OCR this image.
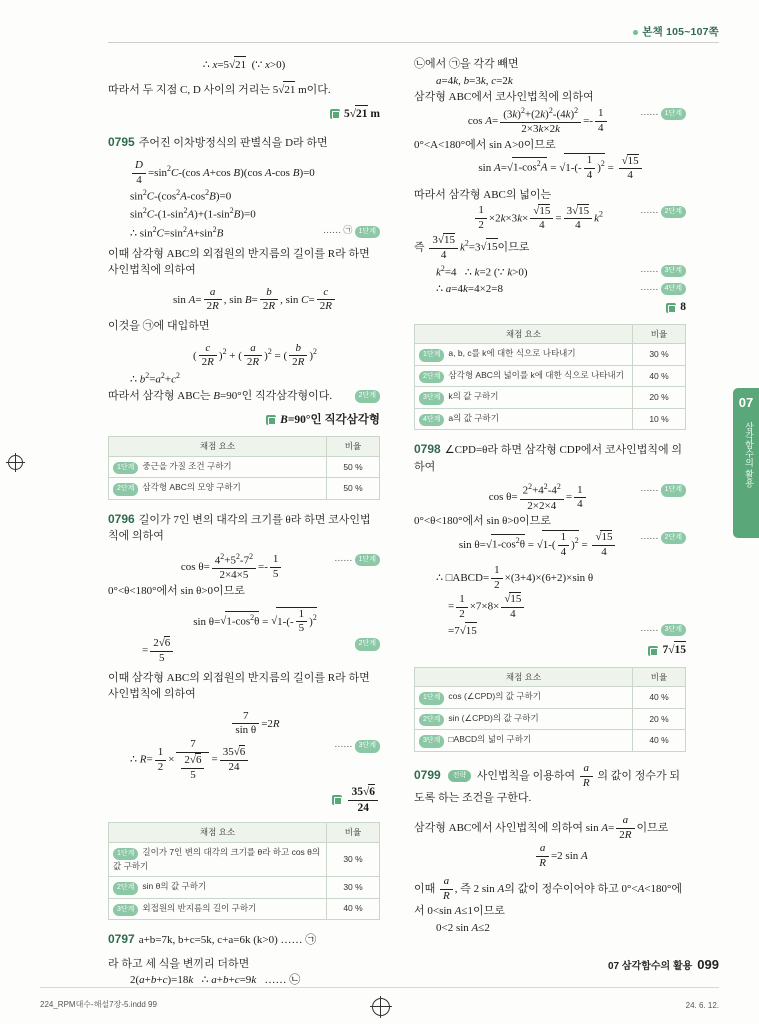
본책 105~107쪽
∴ x=5 √ 21  (∵ x>0)
따라서 두 지점 C, D 사이의 거리는 5 √ 21 m이다.
5 √ 21 m
0795 주어진 이차방정식의 판별식을 D라 하면
$\frac{D}{4} =\sin^2C-(\cos$ A+cos B)(cos A-cos B)=0
$\sin^2C-(\cos^2A-\cos^2B)=0$
$\sin^2C-(1-\sin^2A)+(1-\sin^2B)=0$
∴ $\sin^2C=\sin^2A+\sin^2B$	…… ㉠ 1단계
이때 삼각형 ABC의 외접원의 반지름의 길이를 R라 하면 사인법칙에 의하여
$\sin A= \frac{a}{2R}$ , $\sin B= \frac{b}{2R}$ , $\sin C= \frac{c}{2R}$
이것을 ㉠에 대입하면
( $\frac{c}{2R} )^2$ + ( $\frac{a}{2R} )^2$ = ( $\frac{b}{2R} )^2$
∴ $b^2=a^2+c^2$
따라서 삼각형 ABC는 B=90°인 직각삼각형이다.	2단계
B=90°인 직각삼각형
채점 요소	비율
1단계 중근을 가질 조건 구하기	50 %
2단계 삼각형 ABC의 모양 구하기	50 %
0796 길이가 7인 변의 대각의 크기를 θ라 하면 코사인법칙에 의하여
$\cos \theta= \frac{4^2+5^2-7^2}{2\times 4\times 5} =- \frac{1}{5}$	…… 1단계
0°<θ<180°에서 sin θ>0이므로
sin θ= √ $1-\cos^2\theta$ = √ $1-(- \frac{1}{5} )^2$
= $\frac{2 √ 6}{5}$	2단계
이때 삼각형 ABC의 외접원의 반지름의 길이를 R라 하면 사인법칙에 의하여
$\frac{7}{\text{sin θ}} =2R$
∴ $R= \frac{1}{2} \times \frac{7}{\frac{2 √ 6}{5}} = \frac{35 √ 6}{24}$
…… 3단계
$\frac{35 √ 6}{24}$
채점 요소	비율
1단계 길이가 7인 변의 대각의 크기를 θ라 하고 cos θ의 값 구하기	30 %
2단계 sin θ의 값 구하기	30 %
3단계 외접원의 반지름의 길이 구하기	40 %
0797 a+b=7k, b+c=5k, c+a=6k (k>0) …… ㉠
라 하고 세 식을 변끼리 더하면
2(a+b+c)=18k   ∴ a+b+c=9k   …… ㉡
㉡에서 ㉠을 각각 빼면
a=4k, b=3k, c=2k
삼각형 ABC에서 코사인법칙에 의하여
$\cos A= \frac{(3k)^2+(2k)^2-(4k)^2}{2\times 3k\times 2k} =- \frac{1}{4}$	…… 1단계
0°<A<180°에서 sin A>0이므로
sin A= √ $1-\cos^2A$ = √ $1-(- \frac{1}{4} )^2$ = √ $\frac{15}{4}$
따라서 삼각형 ABC의 넓이는
$\frac{1}{2} \times 2k\times 3k\times$ √ $\frac{15}{4} = \frac{3 √ 15}{4} k^2$	…… 2단계
즉 $\frac{3 √ 15}{4} k^2=3$ √ 15이므로
$k^2=4$   ∴ k=2 (∵ k>0)	…… 3단계
∴ a=4k=4×2=8	…… 4단계
8
채점 요소	비율
1단계 a, b, c를 k에 대한 식으로 나타내기	30 %
2단계 삼각형 ABC의 넓이를 k에 대한 식으로 나타내기	40 %
3단계 k의 값 구하기	20 %
4단계 a의 값 구하기	10 %
0798 ∠CPD=θ라 하면 삼각형 CDP에서 코사인법칙에 의하여
$\cos \theta= \frac{2^2+4^2-4^2}{2\times 2\times 4} = \frac{1}{4}$	…… 1단계
0°<θ<180°에서 sin θ>0이므로
sin θ= √ $1-\cos^2\theta$ = √ $1-( \frac{1}{4} )^2$ = √ $\frac{15}{4}$	…… 2단계
∴ □ABCD= $\frac{1}{2} \times(3+4)\times(6+2)\times\sin$ θ
= $\frac{1}{2} \times 7\times 8\times$ √ $\frac{15}{4}$
=7 √ 15	…… 3단계
7 √ 15
채점 요소	비율
1단계 cos (∠CPD)의 값 구하기	40 %
2단계 sin (∠CPD)의 값 구하기	20 %
3단계 □ABCD의 넓이 구하기	40 %
0799 전략  사인법칙을 이용하여 $\frac{a}{R}$ 의 값이 정수가 되도록 하는 조건을 구한다.
삼각형 ABC에서 사인법칙에 의하여 $\sin A= \frac{a}{2R}$ 이므로
$\frac{a}{R} =2$ sin A
이때 $\frac{a}{R}$ , 즉 2 sin A의 값이 정수이어야 하고 0°<A<180°에서 0<sin A≤1이므로
0<2 sin A≤2
07
삼각함수의 활용
07 삼각함수의 활용 099
224_RPM대수-해설7장-5.indd 99	24. 6. 12.
